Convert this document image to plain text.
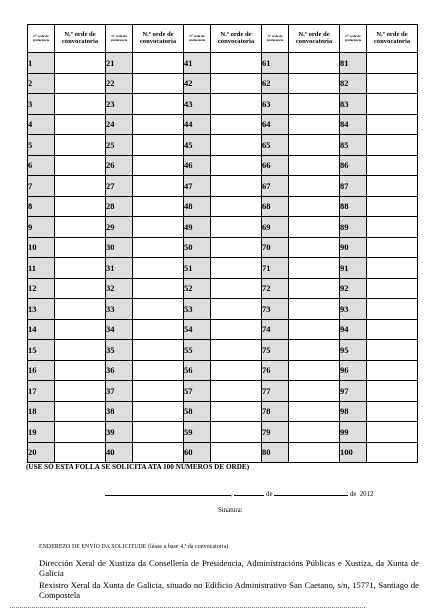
Nº orde de preferencia	N.º orde de convocatoria	Nº orde de preferencia	N.º orde de convocatoria	Nº orde de preferencia	N.º orde de convocatoria	Nº orde de preferencia	N.º orde de convocatoria	Nº orde de preferencia	N.º orde de convocatoria
1		21		41		61		81	
2		22		42		62		82	
3		23		43		63		83	
4		24		44		64		84	
5		25		45		65		85	
6		26		46		66		86	
7		27		47		67		87	
8		28		48		68		88	
9		29		49		69		89	
10		30		50		70		90	
11		31		51		71		91	
12		32		52		72		92	
13		33		53		73		93	
14		34		54		74		94	
15		35		55		75		95	
16		36		56		76		96	
17		37		57		77		97	
18		38		58		78		98	
19		39		59		79		99	
20		40		60		80		100	
(USE SÓ ESTA FOLLA SE SOLICITA ATA 100 NÚMEROS DE ORDE)
,	de	de 2012
Sinatura:
ENDEREZO DE ENVÍO DA SOLICITUDE (léase a base 4.ª da convocatoria)
Dirección Xeral de Xustiza da Consellería de Presidencia, Administracións Públicas e Xustiza, da Xunta de Galicia
Rexistro Xeral da Xunta de Galicia, situado no Edificio Administrativo San Caetano, s/n, 15771, Santiago de Compostela
